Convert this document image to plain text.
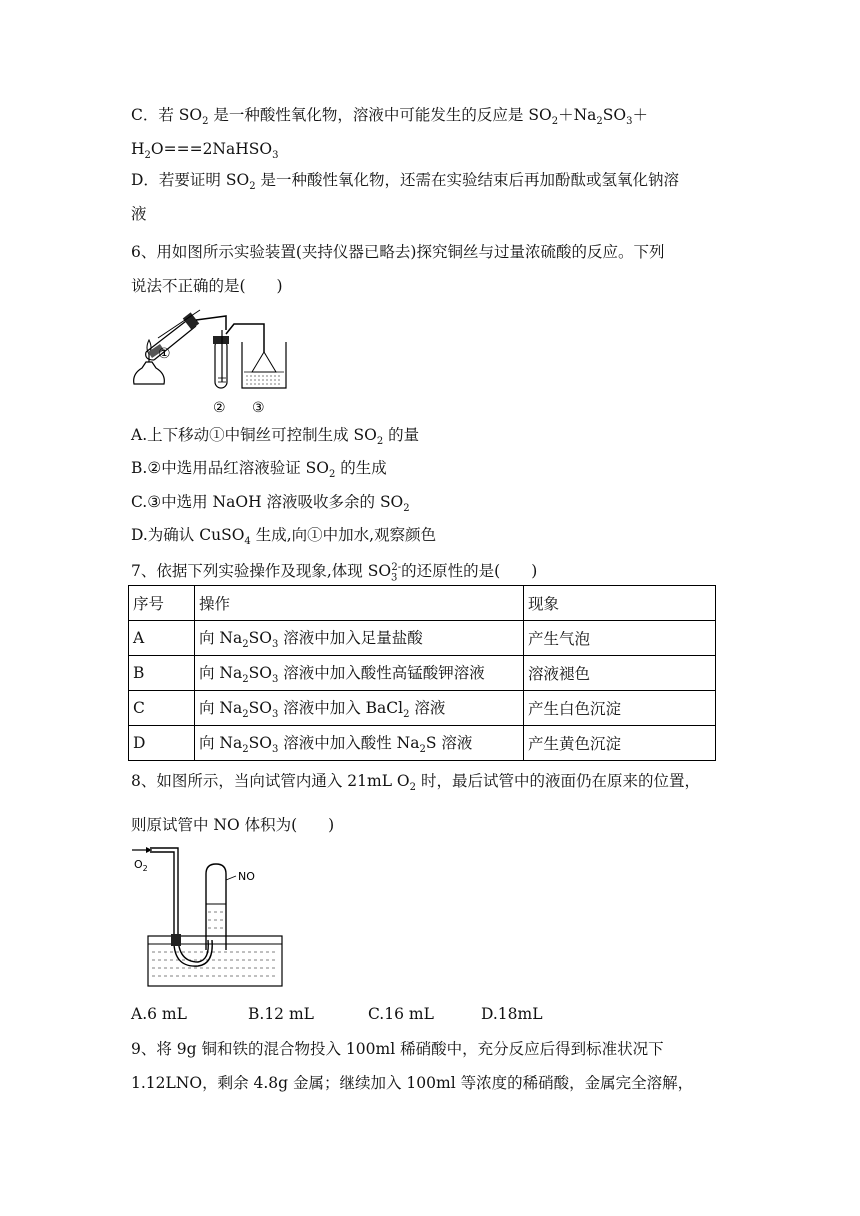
C．若 $SO_2$ 是一种酸性氧化物，溶液中可能发生的反应是 $SO_2+Na_2SO_3+$
$H_2O===2NaHSO_3$
D．若要证明 $SO_2$ 是一种酸性氧化物，还需在实验结束后再加酚酞或氢氧化钠溶
液
6、用如图所示实验装置(夹持仪器已略去)探究铜丝与过量浓硫酸的反应。下列
说法不正确的是(　　)
①
② ③
A.上下移动①中铜丝可控制生成 $SO_2$ 的量
B.②中选用品红溶液验证 $SO_2$ 的生成
C.③中选用 NaOH 溶液吸收多余的 $SO_2$
D.为确认 CuSO$_4$ 生成,向①中加水,观察颜色
7、依据下列实验操作及现象,体现 $SO_3^{2-}$的还原性的是(　　)
序号	操作	现象
A	向 $Na_2SO_3$ 溶液中加入足量盐酸	产生气泡
B	向 $Na_2SO_3$ 溶液中加入酸性高锰酸钾溶液	溶液褪色
C	向 $Na_2SO_3$ 溶液中加入 BaCl$_2$ 溶液	产生白色沉淀
D	向 $Na_2SO_3$ 溶液中加入酸性 $Na_2S$ 溶液	产生黄色沉淀
8、如图所示，当向试管内通入 21mL $O_2$ 时，最后试管中的液面仍在原来的位置，
则原试管中 NO 体积为(　　)
$O_2$
NO
A.6 mL	B.12 mL	C.16 mL	D.18mL
9、将 9g 铜和铁的混合物投入 100ml 稀硝酸中，充分反应后得到标准状况下
1.12LNO，剩余 4.8g 金属；继续加入 100ml 等浓度的稀硝酸，金属完全溶解，
